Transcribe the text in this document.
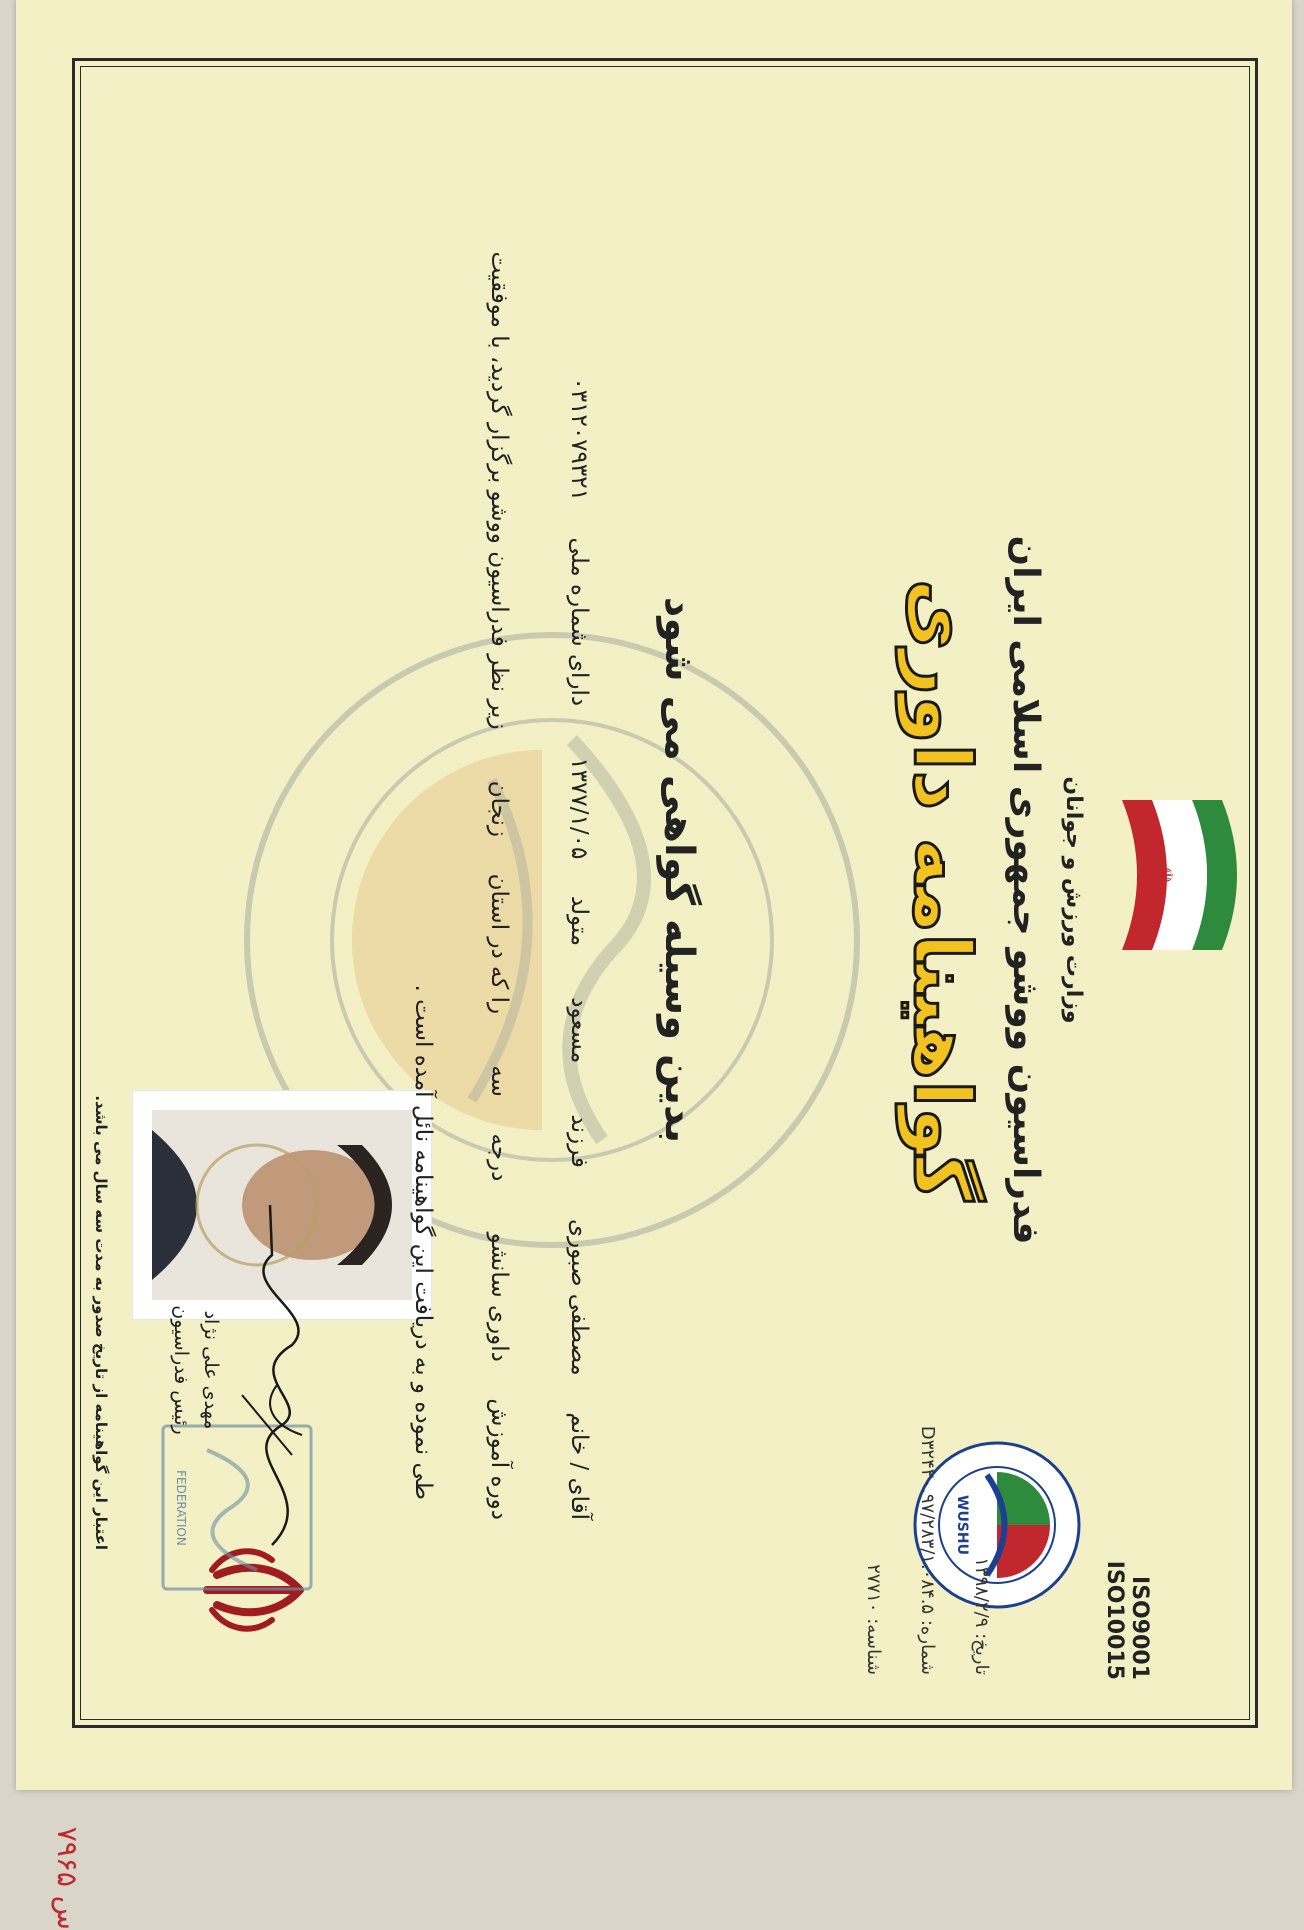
WUSHU
☫
FEDERATION
وزارت ورزش و جوانان
فدراسیون ووشو جمهوری اسلامی ایران
گواهینامه داوری
تاریخ: ۱۳۹۸/۲/۹
شماره: D۳۲۴۲۰.۹۷/۲۸۳/۱.۰۸۴.۵
شناسه: ۲۷۷۱۰	ISO9001
ISO10015
بدین وسیله گواهی می شود
آقای / خانم     مصطفی صبوری       فرزند       مسعود       متولد     ۱۳۷۷/۱/۰۵       دارای شماره ملی     ۰۳۱۲۰۷۹۳۲۱
دوره آموزش     داوری سانشو       درجه     سه       را که در استان     زنجان       زیر نظر فدراسیون ووشو برگزار گردید، با موفقیت
طی نموده و به دریافت این گواهینامه نائل آمده است .
مهدی علی نژاد
رئیس فدراسیون
اعتبار این گواهینامه از تاریخ صدور به مدت سه سال می باشد.
س ۷۹۶۵
